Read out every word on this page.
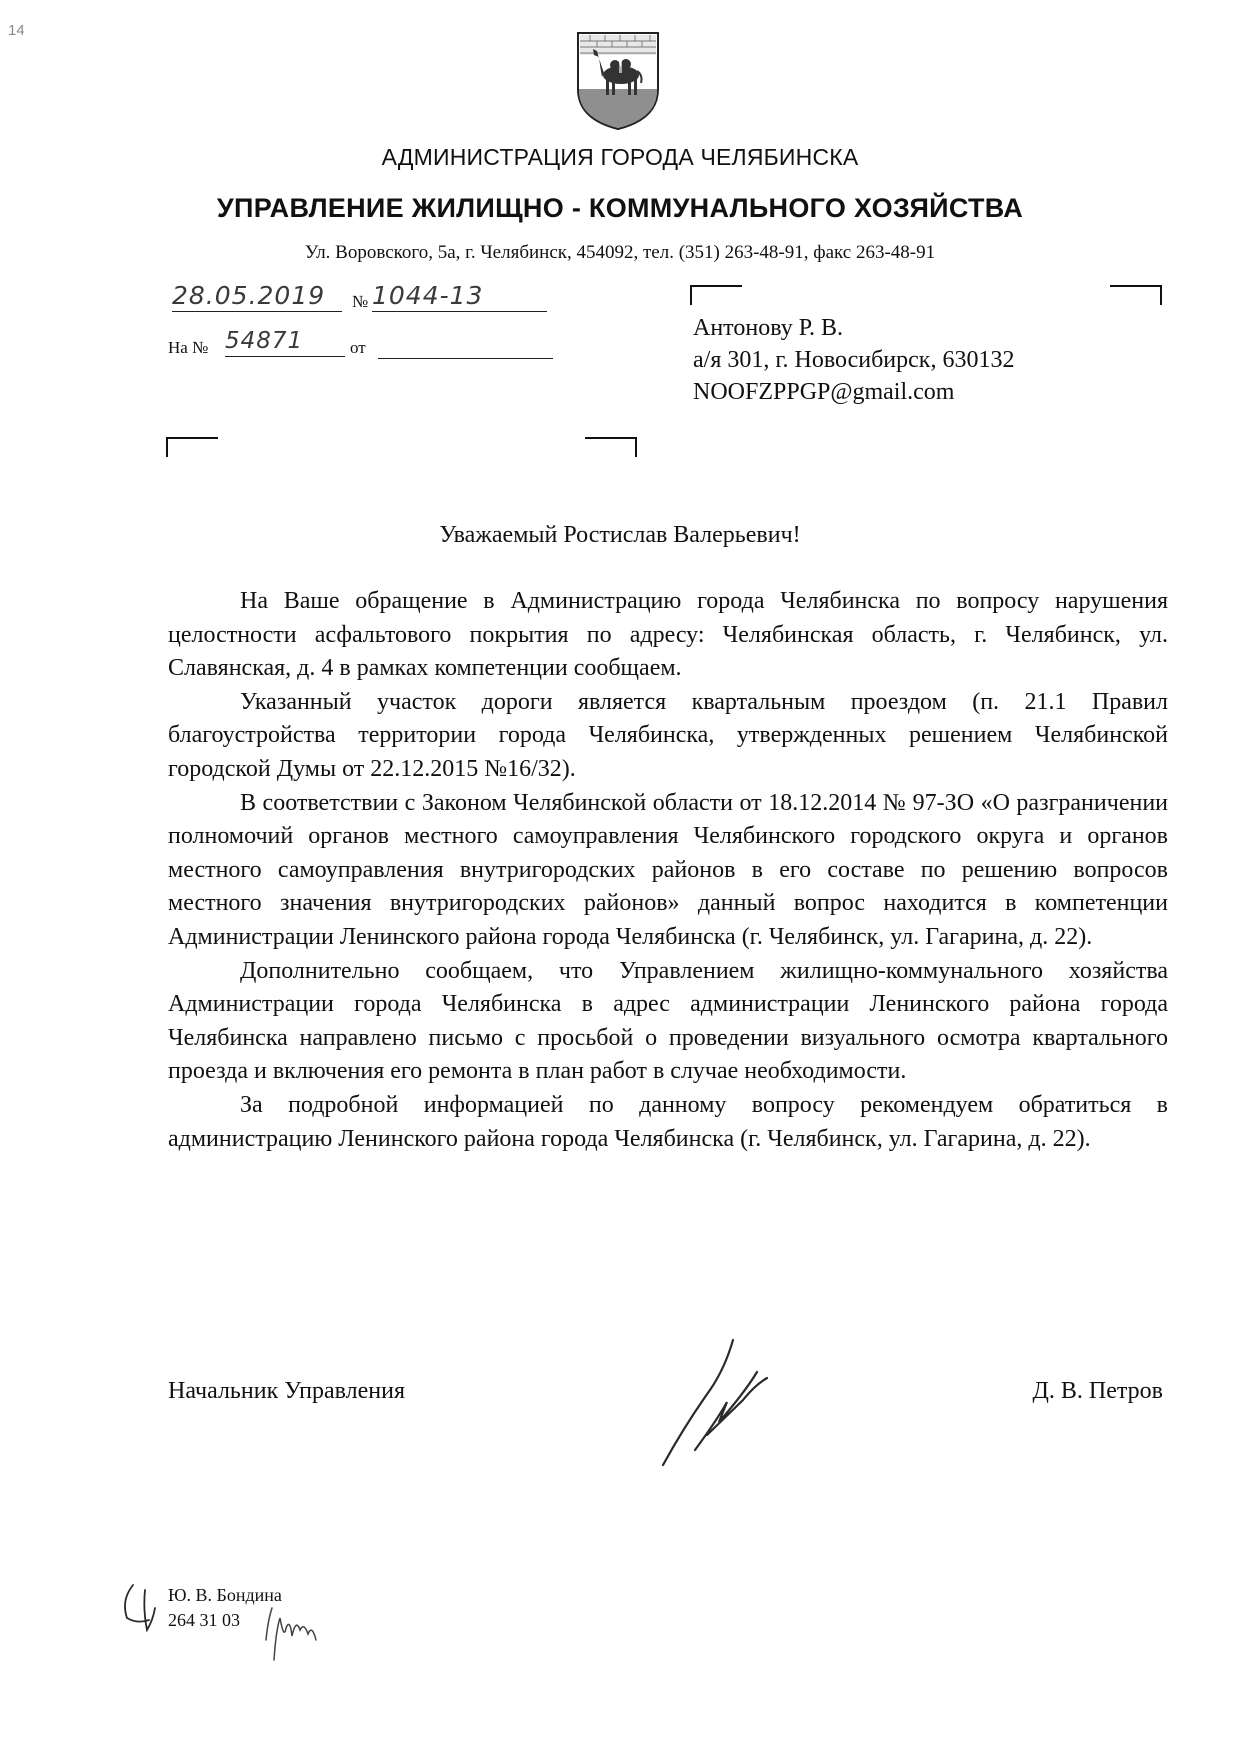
14
АДМИНИСТРАЦИЯ ГОРОДА ЧЕЛЯБИНСКА
УПРАВЛЕНИЕ ЖИЛИЩНО - КОММУНАЛЬНОГО ХОЗЯЙСТВА
Ул. Воровского, 5а, г. Челябинск, 454092, тел. (351) 263-48-91, факс 263-48-91
28.05.2019	№ 1044-13
На № 54871	от
Антонову Р. В.
а/я 301, г. Новосибирск, 630132
NOOFZPPGP@gmail.com
Уважаемый Ростислав Валерьевич!

На Ваше обращение в Администрацию города Челябинска по вопросу нарушения целостности асфальтового покрытия по адресу: Челябинская область, г. Челябинск, ул. Славянская, д. 4 в рамках компетенции сообщаем.

Указанный участок дороги является квартальным проездом (п. 21.1 Правил благоустройства территории города Челябинска, утвержденных решением Челябинской городской Думы от 22.12.2015 №16/32).

В соответствии с Законом Челябинской области от 18.12.2014 № 97-ЗО «О разграничении полномочий органов местного самоуправления Челябинского городского округа и органов местного самоуправления внутригородских районов в его составе по решению вопросов местного значения внутригородских районов» данный вопрос находится в компетенции Администрации Ленинского района города Челябинска (г. Челябинск, ул. Гагарина, д. 22).

Дополнительно сообщаем, что Управлением жилищно-коммунального хозяйства Администрации города Челябинска в адрес администрации Ленинского района города Челябинска направлено письмо с просьбой о проведении визуального осмотра квартального проезда и включения его ремонта в план работ в случае необходимости.

За подробной информацией по данному вопросу рекомендуем обратиться в администрацию Ленинского района города Челябинска (г. Челябинск, ул. Гагарина, д. 22).

Начальник Управления	Д. В. Петров
Ю. В. Бондина
264 31 03
